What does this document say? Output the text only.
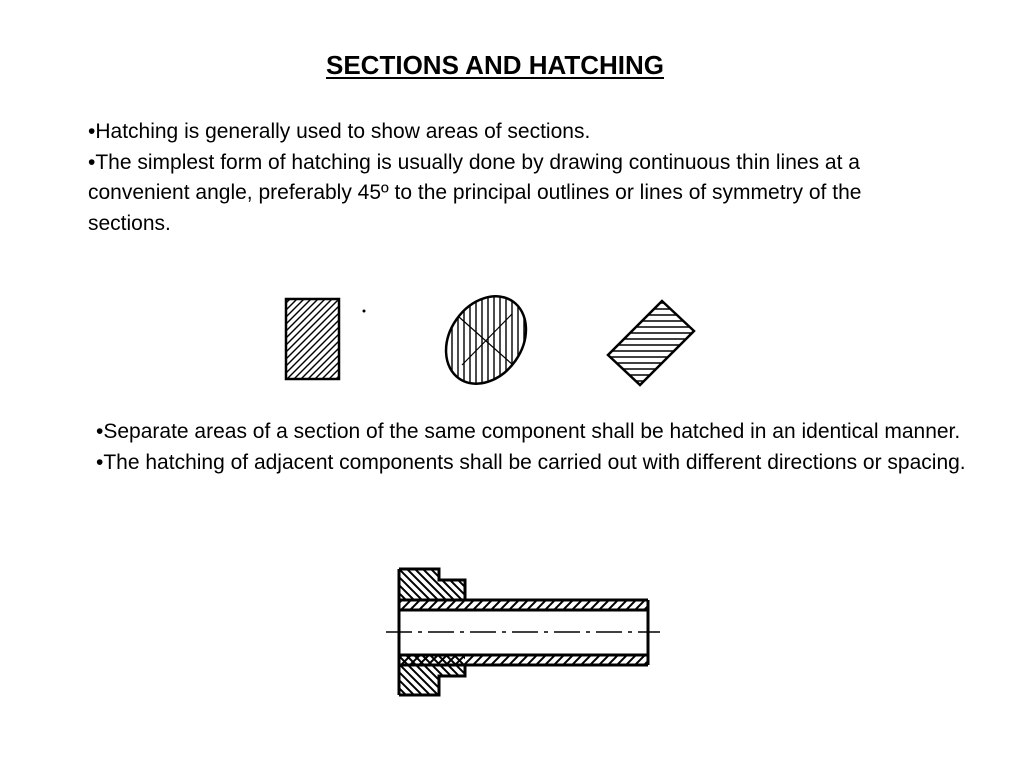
SECTIONS AND HATCHING

•Hatching is generally used to show areas of sections.

•The simplest form of hatching is usually done by drawing continuous thin lines at a convenient angle, preferably 45º to the principal outlines or lines of symmetry of the sections.

•Separate areas of a section of the same component shall be hatched in an identical manner.

•The hatching of adjacent components shall be carried out with different directions or spacing.
